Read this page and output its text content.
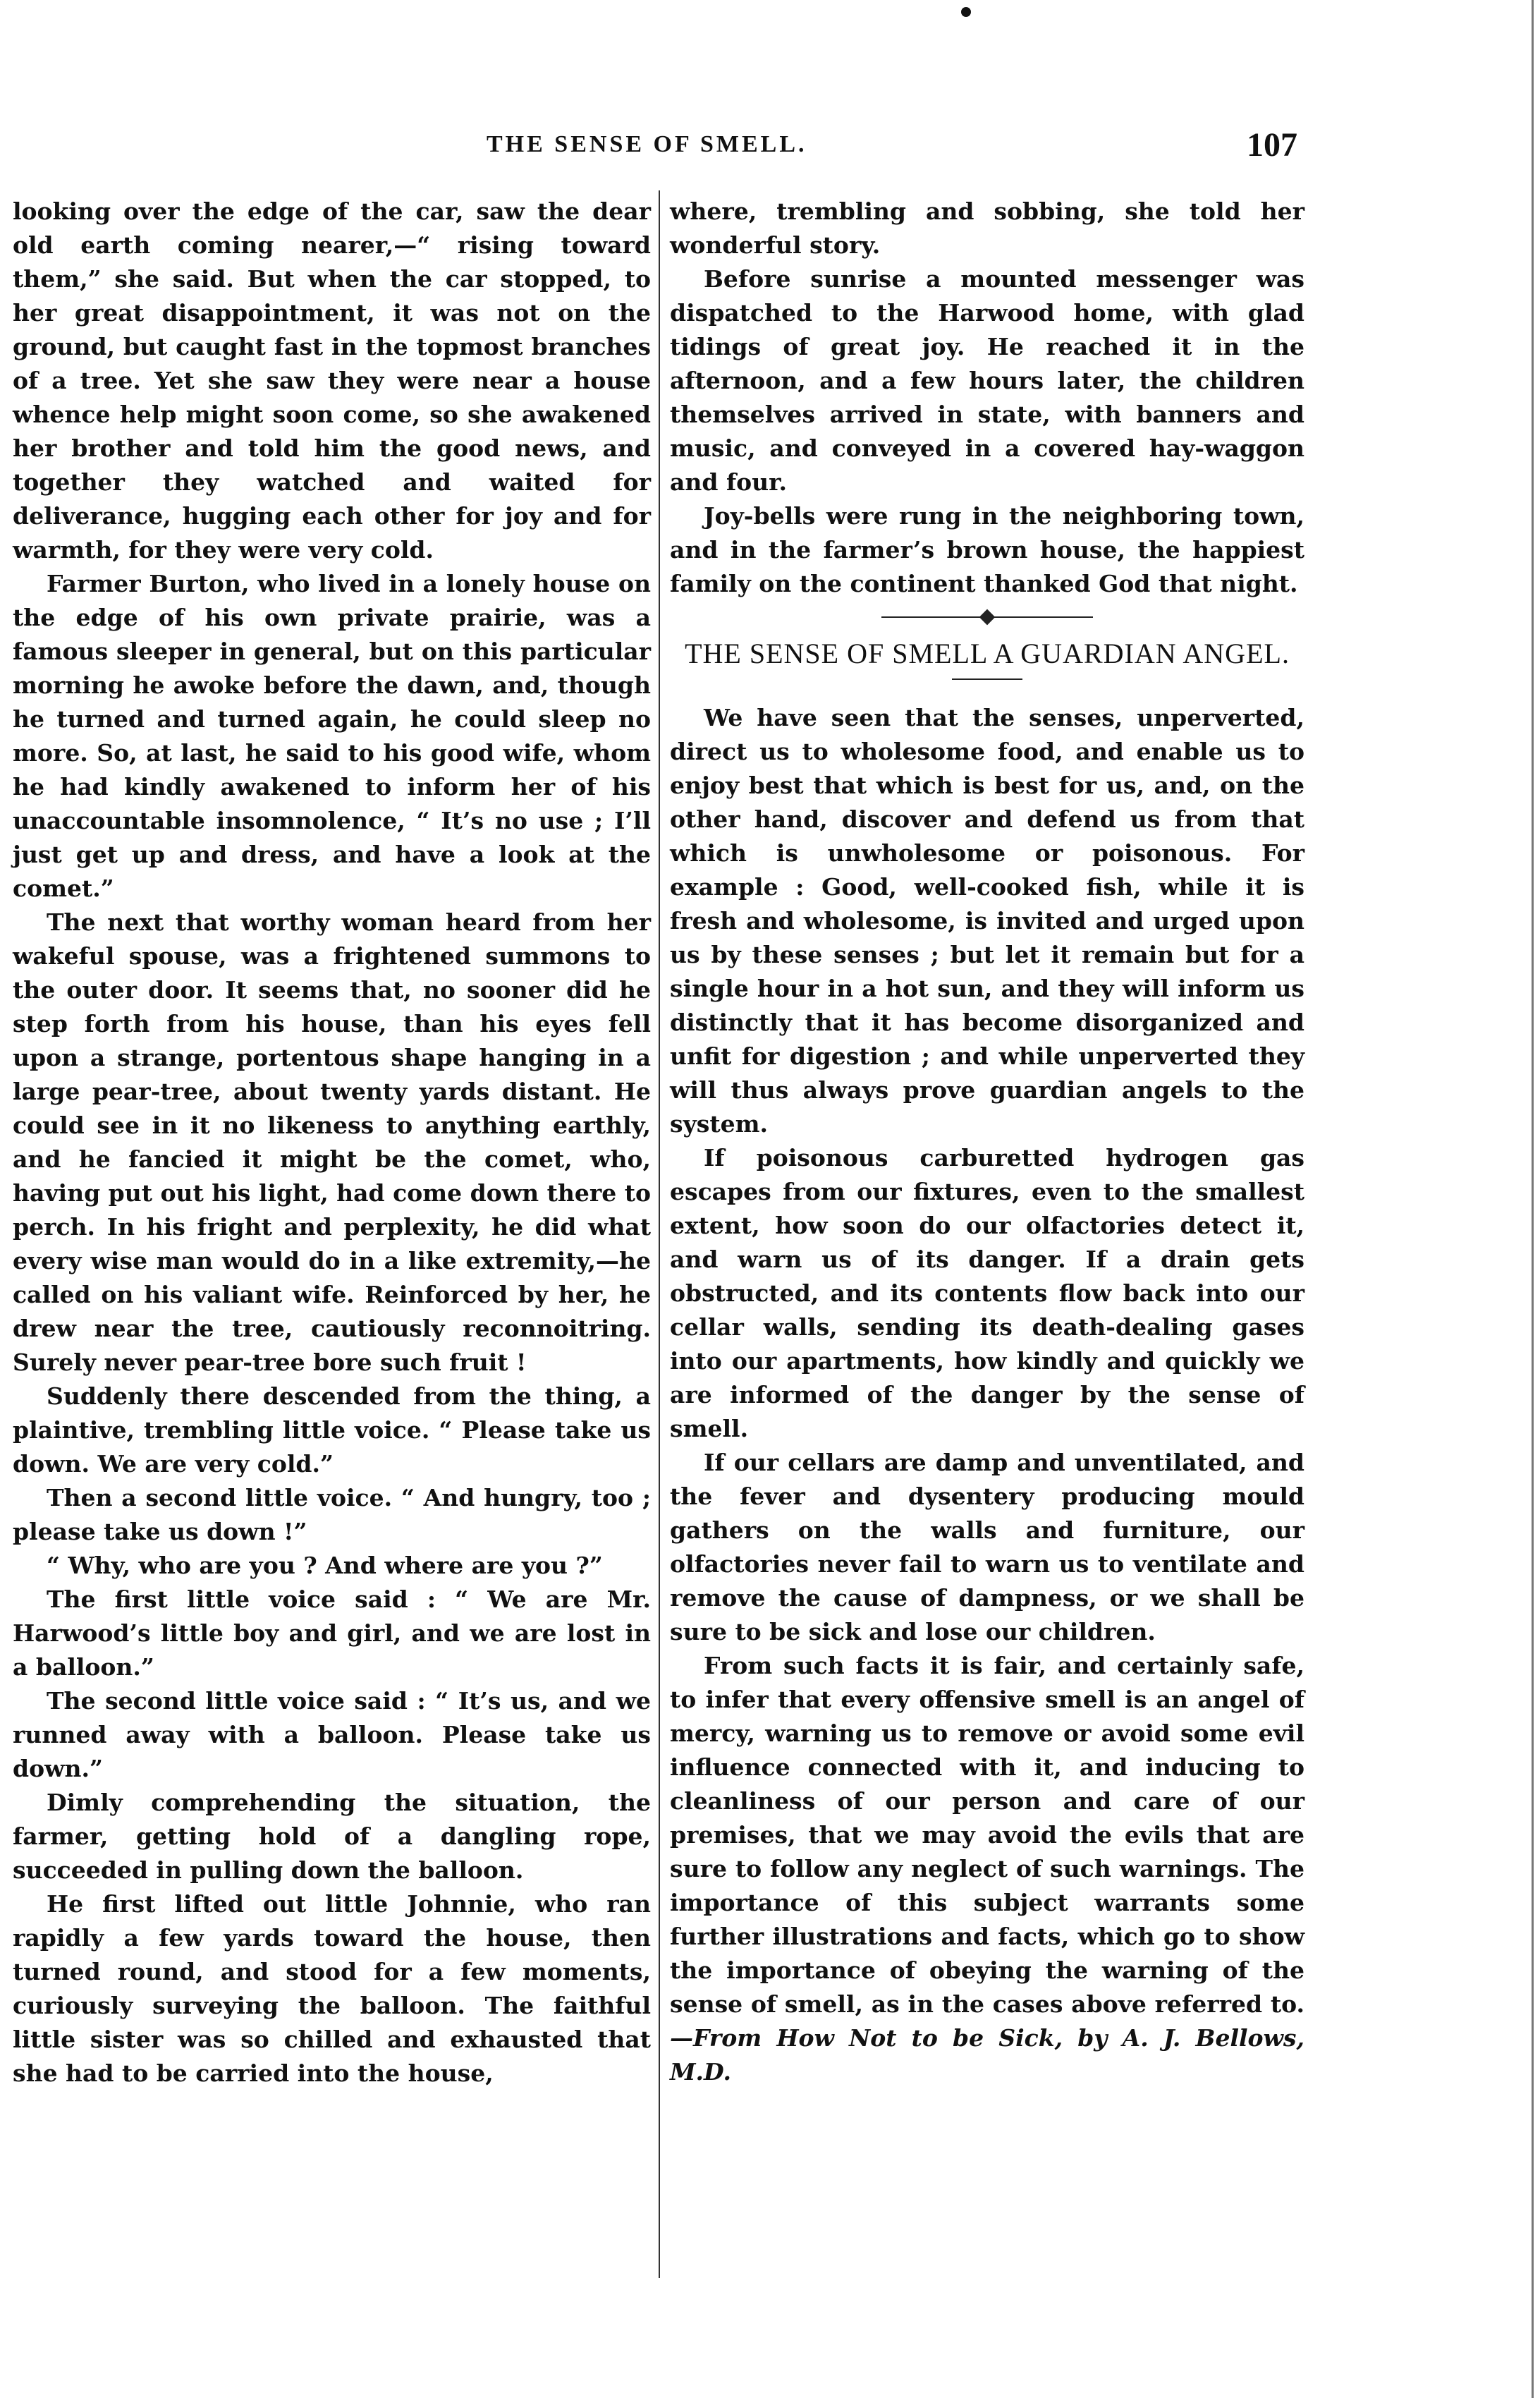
THE SENSE OF SMELL.	107

looking over the edge of the car, saw the dear old earth coming nearer,—“ rising toward them,” she said. But when the car stopped, to her great disappointment, it was not on the ground, but caught fast in the topmost branches of a tree. Yet she saw they were near a house whence help might soon come, so she awakened her brother and told him the good news, and together they watched and waited for deliverance, hugging each other for joy and for warmth, for they were very cold.

Farmer Burton, who lived in a lonely house on the edge of his own private prairie, was a famous sleeper in general, but on this particular morning he awoke before the dawn, and, though he turned and turned again, he could sleep no more. So, at last, he said to his good wife, whom he had kindly awakened to inform her of his unaccountable insomnolence, “ It’s no use ; I’ll just get up and dress, and have a look at the comet.”

The next that worthy woman heard from her wakeful spouse, was a frightened summons to the outer door. It seems that, no sooner did he step forth from his house, than his eyes fell upon a strange, portentous shape hanging in a large pear-tree, about twenty yards distant. He could see in it no likeness to anything earthly, and he fancied it might be the comet, who, having put out his light, had come down there to perch. In his fright and perplexity, he did what every wise man would do in a like extremity,—he called on his valiant wife. Reinforced by her, he drew near the tree, cautiously reconnoitring. Surely never pear-tree bore such fruit !

Suddenly there descended from the thing, a plaintive, trembling little voice. “ Please take us down. We are very cold.”

Then a second little voice. “ And hungry, too ; please take us down !”

“ Why, who are you ? And where are you ?”

The first little voice said : “ We are Mr. Harwood’s little boy and girl, and we are lost in a balloon.”

The second little voice said : “ It’s us, and we runned away with a balloon. Please take us down.”

Dimly comprehending the situation, the farmer, getting hold of a dangling rope, succeeded in pulling down the balloon.

He first lifted out little Johnnie, who ran rapidly a few yards toward the house, then turned round, and stood for a few moments, curiously surveying the balloon. The faithful little sister was so chilled and exhausted that she had to be carried into the house,

where, trembling and sobbing, she told her wonderful story.

Before sunrise a mounted messenger was dispatched to the Harwood home, with glad tidings of great joy. He reached it in the afternoon, and a few hours later, the children themselves arrived in state, with banners and music, and conveyed in a covered hay-waggon and four.

Joy-bells were rung in the neighboring town, and in the farmer’s brown house, the happiest family on the continent thanked God that night.

THE SENSE OF SMELL A GUARDIAN ANGEL.

We have seen that the senses, unperverted, direct us to wholesome food, and enable us to enjoy best that which is best for us, and, on the other hand, discover and defend us from that which is unwholesome or poisonous. For example : Good, well-cooked fish, while it is fresh and wholesome, is invited and urged upon us by these senses ; but let it remain but for a single hour in a hot sun, and they will inform us distinctly that it has become disorganized and unfit for digestion ; and while unperverted they will thus always prove guardian angels to the system.

If poisonous carburetted hydrogen gas escapes from our fixtures, even to the smallest extent, how soon do our olfactories detect it, and warn us of its danger. If a drain gets obstructed, and its contents flow back into our cellar walls, sending its death-dealing gases into our apartments, how kindly and quickly we are informed of the danger by the sense of smell.

If our cellars are damp and unventilated, and the fever and dysentery producing mould gathers on the walls and furniture, our olfactories never fail to warn us to ventilate and remove the cause of dampness, or we shall be sure to be sick and lose our children.

From such facts it is fair, and certainly safe, to infer that every offensive smell is an angel of mercy, warning us to remove or avoid some evil influence connected with it, and inducing to cleanliness of our person and care of our premises, that we may avoid the evils that are sure to follow any neglect of such warnings. The importance of this subject warrants some further illustrations and facts, which go to show the importance of obeying the warning of the sense of smell, as in the cases above referred to.—From How Not to be Sick, by A. J. Bellows, M.D.
